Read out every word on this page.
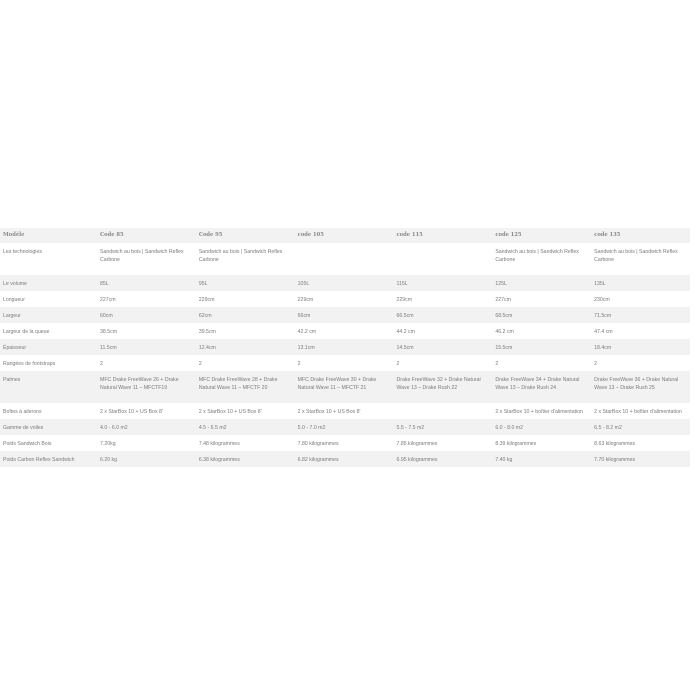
Modèle	Code 85	Code 95	code 105	code 115	code 125	code 135
Les technologies	Sandwich au bois | Sandwich Reflex Carbone	Sandwich au bois | Sandwich Reflex Carbone			Sandwich au bois | Sandwich Reflex Carbone	Sandwich au bois | Sandwich Reflex Carbone
Le volume	85L	95L	105L	115L	125L	135L
Longueur	227cm	229cm	229cm	229cm	227cm	230cm
Largeur	60cm	62cm	66cm	66.5cm	68.5cm	71.5cm
Largeur de la queue	38.5cm	39.5cm	42.2 cm	44.2 cm	46.2 cm	47.4 cm
Épaisseur	11.5cm	12.4cm	13.1cm	14.5cm	15.5cm	18.4cm
Rangées de footstraps	2	2	2	2	2	2
Palmes	MFC Drake FreeWave 26 + Drake Natural Wave 11 – MFCTF19	MFC Drake FreeWave 28 + Drake Natural Wave 11 – MFCTF 20	MFC Drake FreeWave 30 + Drake Natural Wave 11 – MFCTF 21	Drake FreeWave 32 + Drake Natural Wave 13 – Drake Rush 22	Drake FreeWave 34 + Drake Natural Wave 13 – Drake Rush 24	Drake FreeWave 36 + Drake Natural Wave 13 – Drake Rush 25
Boîtes à ailerons	2 x StarBox 10 + US Box 8'	2 x StarBox 10 + US Box 8'	2 x StarBox 10 + US Box 8'		2 x StarBox 10 + boîtier d'alimentation	2 x StarBox 10 + boîtier d'alimentation
Gamme de voiles	4.0 - 6.0 m2	4.5 - 6.5 m2	5.0 - 7.0 m2	5.5 - 7.5 m2	6.0 - 8.0 m2	6.5 - 8.2 m2
Poids Sandwich Bois	7.20kg	7.48 kilogrammes	7.80 kilogrammes	7.85 kilogrammes	8.39 kilogrammes	8.63 kilogrammes
Poids Carbon Reflex Sandwich	6.20 kg	6.38 kilogrammes	6.82 kilogrammes	6.95 kilogrammes	7.40 kg	7.70 kilogrammes
